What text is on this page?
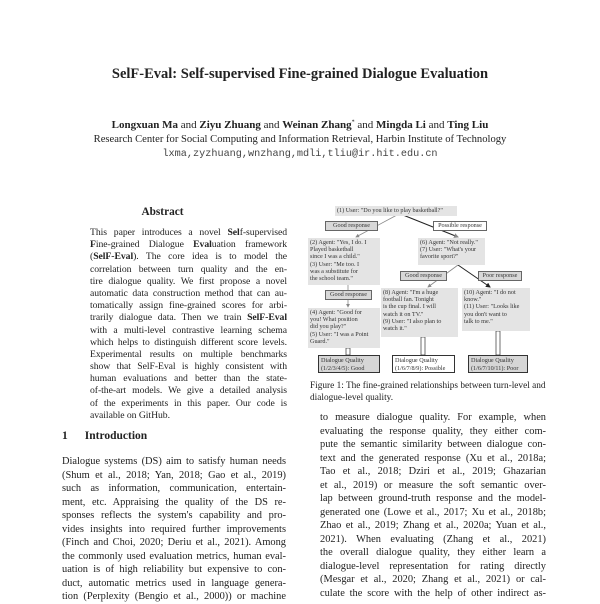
SelF-Eval: Self-supervised Fine-grained Dialogue Evaluation
Longxuan Ma and Ziyu Zhuang and Weinan Zhang* and Mingda Li and Ting Liu
Research Center for Social Computing and Information Retrieval, Harbin Institute of Technology
lxma,zyzhuang,wnzhang,mdli,tliu@ir.hit.edu.cn
Abstract
This paper introduces a novel Self-supervised
Fine-grained Dialogue Evaluation framework
(SelF-Eval). The core idea is to model the
correlation between turn quality and the en-
tire dialogue quality. We first propose a novel
automatic data construction method that can au-
tomatically assign fine-grained scores for arbi-
trarily dialogue data. Then we train SelF-Eval
with a multi-level contrastive learning schema
which helps to distinguish different score levels.
Experimental results on multiple benchmarks
show that SelF-Eval is highly consistent with
human evaluations and better than the state-
of-the-art models. We give a detailed analysis
of the experiments in this paper. Our code is
available on GitHub.
1 Introduction
Dialogue systems (DS) aim to satisfy human needs
(Shum et al., 2018; Yan, 2018; Gao et al., 2019)
such as information, communication, entertain-
ment, etc. Appraising the quality of the DS re-
sponses reflects the system's capability and pro-
vides insights into required further improvements
(Finch and Choi, 2020; Deriu et al., 2021). Among
the commonly used evaluation metrics, human eval-
uation is of high reliability but expensive to con-
duct, automatic metrics used in language genera-
tion (Perplexity (Bengio et al., 2000)) or machine
(1) User: "Do you like to play basketball?"
Good response	Possible response
(2) Agent: "Yes, I do. I
Played basketball
since I was a child."
(3) User: "Me too. I
was a substitute for
the school team."
Good response
(4) Agent: "Good for
you! What position
did you play?"
(5) User: "I was a Point
Guard."
(6) Agent: "Not really."
(7) User: "What's your
favorite sport?"
Good response	Poor response
(8) Agent: "I'm a huge
football fan. Tonight
is the cup final. I will
watch it on TV."
(9) User: "I also plan to
watch it."
(10) Agent: "I do not
know."
(11) User: "Looks like
you don't want to
talk to me."
Dialogue Quality
(1/2/3/4/5): Good
Dialogue Quality
(1/6/7/8/9): Possible
Dialogue Quality
(1/6/7/10/11): Poor
Figure 1: The fine-grained relationships between turn-level and dialogue-level quality.
to measure dialogue quality. For example, when
evaluating the response quality, they either com-
pute the semantic similarity between dialogue con-
text and the generated response (Xu et al., 2018a;
Tao et al., 2018; Dziri et al., 2019; Ghazarian
et al., 2019) or measure the soft semantic over-
lap between ground-truth response and the model-
generated one (Lowe et al., 2017; Xu et al., 2018b;
Zhao et al., 2019; Zhang et al., 2020a; Yuan et al.,
2021). When evaluating (Zhang et al., 2021)
the overall dialogue quality, they either learn a
dialogue-level representation for rating directly
(Mesgar et al., 2020; Zhang et al., 2021) or cal-
culate the score with the help of other indirect as-
